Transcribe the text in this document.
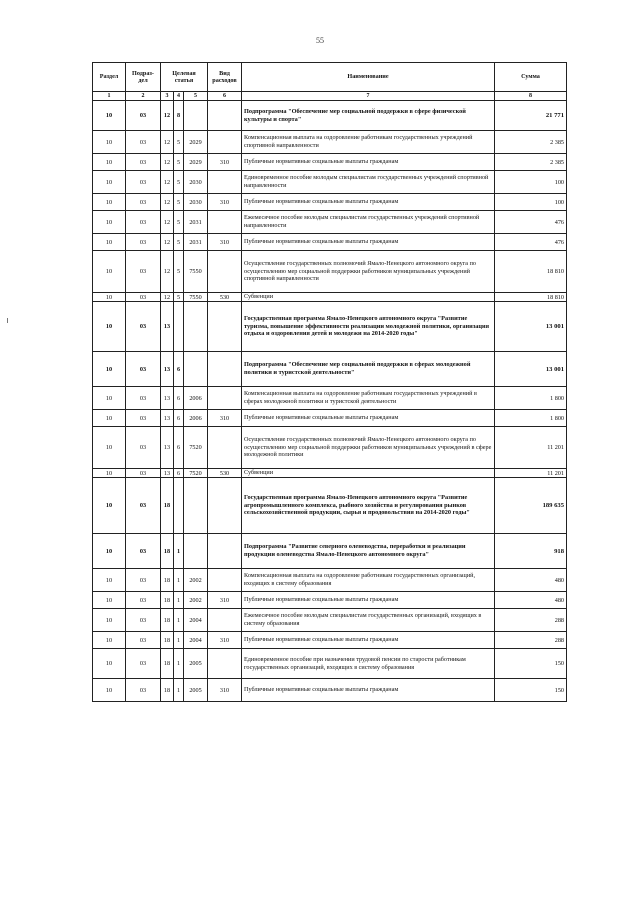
55
Раздел	Подраз-дел	Целевая статья			Вид расходов	Наименование	Сумма
1	2	3	4	5	6	7	8
10	03	12	8			Подпрограмма "Обеспечение мер социальной поддержки в сфере физической культуры и спорта"	21 771
10	03	12	5	2029		Компенсационная выплата на оздоровление работникам государственных учреждений спортивной направленности	2 385
10	03	12	5	2029	310	Публичные нормативные социальные выплаты гражданам	2 385
10	03	12	5	2030		Единовременное пособие молодым специалистам государственных учреждений спортивной направленности	100
10	03	12	5	2030	310	Публичные нормативные социальные выплаты гражданам	100
10	03	12	5	2031		Ежемесячное пособие молодым специалистам государственных учреждений спортивной направленности	476
10	03	12	5	2031	310	Публичные нормативные социальные выплаты гражданам	476
10	03	12	5	7550		Осуществление государственных полномочий Ямало-Ненецкого автономного округа по осуществлению мер социальной поддержки работников муниципальных учреждений спортивной направленности	18 810
10	03	12	5	7550	530	Субвенции	18 810
10	03	13				Государственная программа Ямало-Ненецкого автономного округа "Развитие туризма, повышение эффективности реализации молодежной политики, организация отдыха и оздоровления детей и молодежи на 2014-2020 годы"	13 001
10	03	13	6			Подпрограмма "Обеспечение мер социальной поддержки в сферах молодежной политики и туристской деятельности"	13 001
10	03	13	6	2006		Компенсационная выплата на оздоровление работникам государственных учреждений в сферах молодежной политики и туристской деятельности	1 800
10	03	13	6	2006	310	Публичные нормативные социальные выплаты гражданам	1 800
10	03	13	6	7520		Осуществление государственных полномочий Ямало-Ненецкого автономного округа по осуществлению мер социальной поддержки работников муниципальных учреждений в сфере молодежной политики	11 201
10	03	13	6	7520	530	Субвенции	11 201
10	03	18				Государственная программа Ямало-Ненецкого автономного округа "Развитие агропромышленного комплекса, рыбного хозяйства и регулирования рынков сельскохозяйственной продукции, сырья и продовольствия на 2014-2020 годы"	189 635
10	03	18	1			Подпрограмма "Развитие северного оленеводства, переработки и реализации продукции оленеводства Ямало-Ненецкого автономного округа"	918
10	03	18	1	2002		Компенсационная выплата на оздоровление работникам государственных организаций, входящих в систему образования	480
10	03	18	1	2002	310	Публичные нормативные социальные выплаты гражданам	480
10	03	18	1	2004		Ежемесячное пособие молодым специалистам государственных организаций, входящих в систему образования	288
10	03	18	1	2004	310	Публичные нормативные социальные выплаты гражданам	288
10	03	18	1	2005		Единовременное пособие при назначении трудовой пенсии по старости работникам государственных организаций, входящих в систему образования	150
10	03	18	1	2005	310	Публичные нормативные социальные выплаты гражданам	150
